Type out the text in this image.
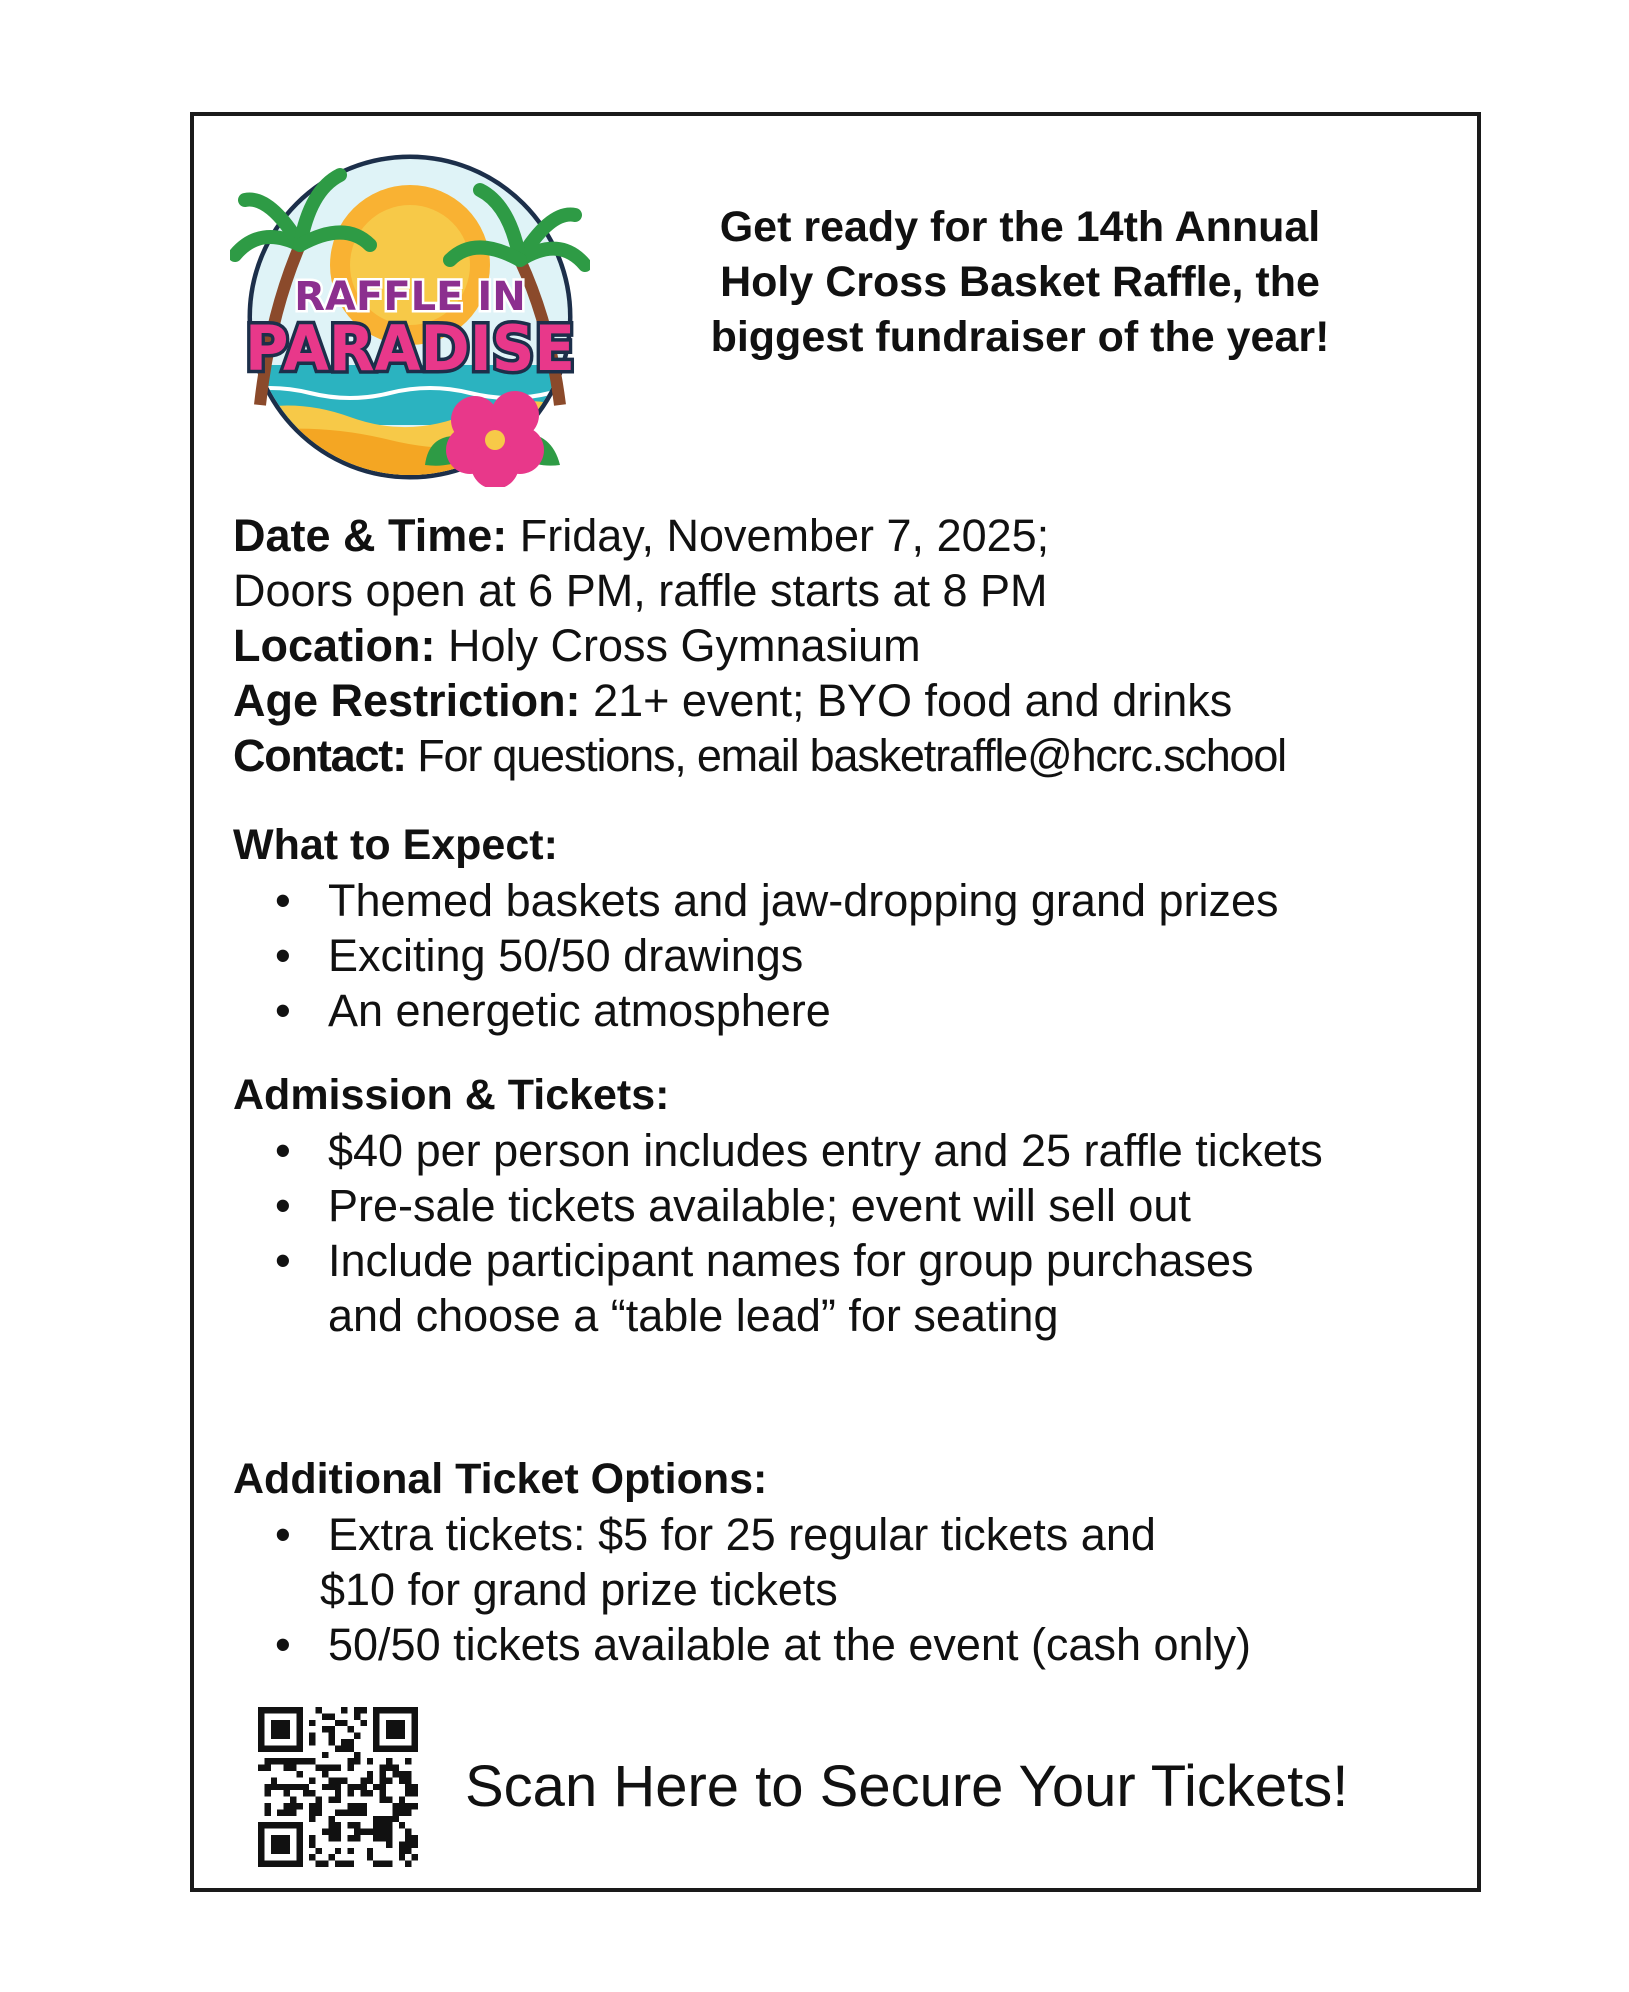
RAFFLE IN
PARADISE
Get ready for the 14th Annual
Holy Cross Basket Raffle, the
biggest fundraiser of the year!
Date & Time: Friday, November 7, 2025;
Doors open at 6 PM, raffle starts at 8 PM
Location: Holy Cross Gymnasium
Age Restriction: 21+ event; BYO food and drinks
Contact: For questions, email basketraffle@hcrc.school
What to Expect:
• Themed baskets and jaw-dropping grand prizes
• Exciting 50/50 drawings
• An energetic atmosphere
Admission & Tickets:
• $40 per person includes entry and 25 raffle tickets
• Pre-sale tickets available; event will sell out
• Include participant names for group purchases
and choose a “table lead” for seating
Additional Ticket Options:
• Extra tickets: $5 for 25 regular tickets and
$10 for grand prize tickets
• 50/50 tickets available at the event (cash only)
Scan Here to Secure Your Tickets!
